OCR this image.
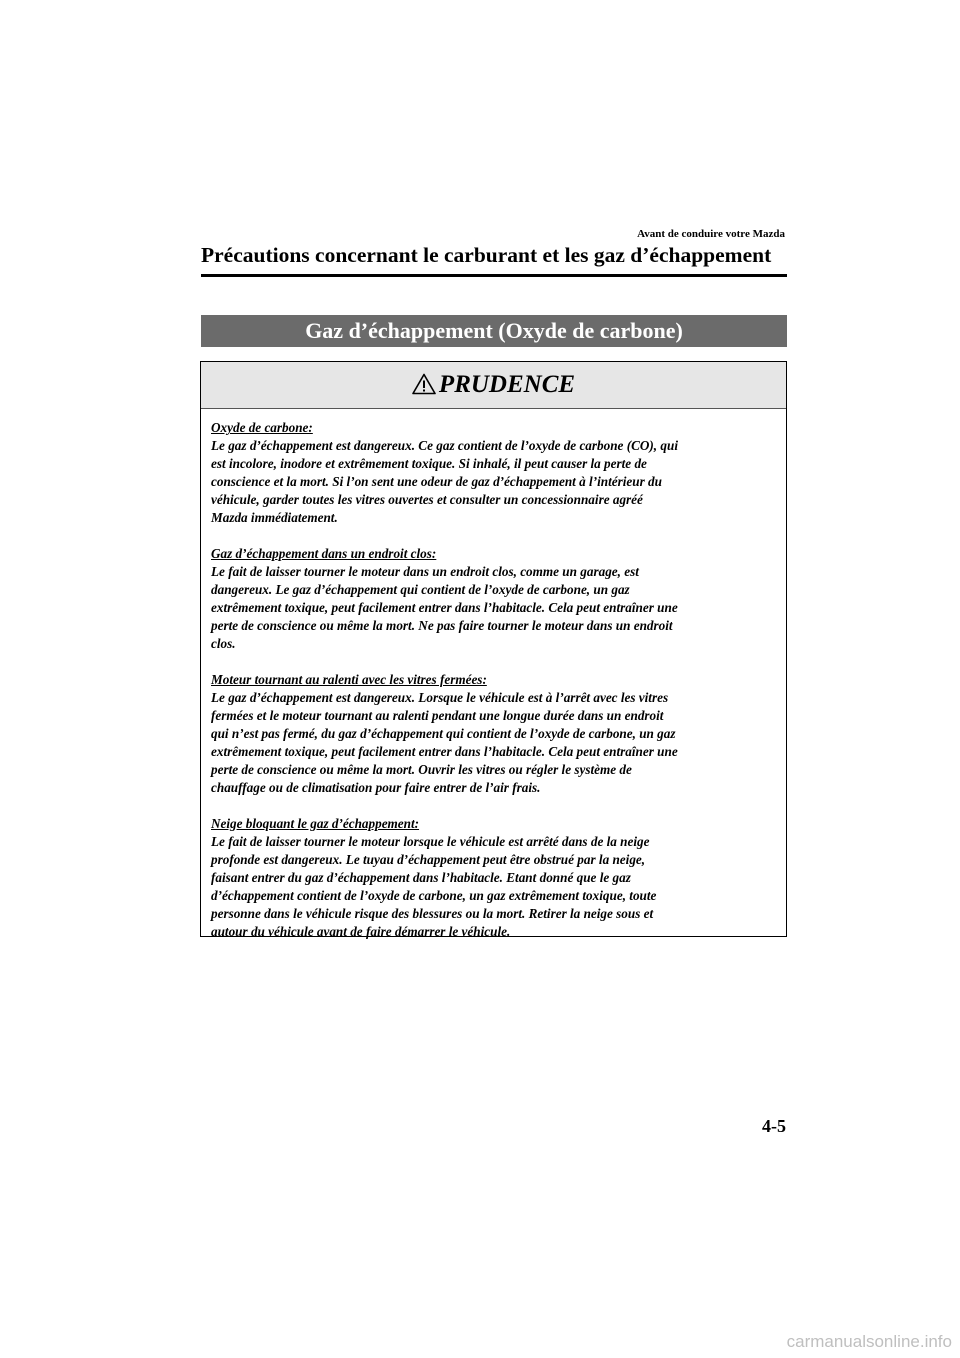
Avant de conduire votre Mazda
Précautions concernant le carburant et les gaz d’échappement
Gaz d’échappement (Oxyde de carbone)
PRUDENCE
Oxyde de carbone:
Le gaz d’échappement est dangereux. Ce gaz contient de l’oxyde de carbone (CO), qui
est incolore, inodore et extrêmement toxique. Si inhalé, il peut causer la perte de
conscience et la mort. Si l’on sent une odeur de gaz d’échappement à l’intérieur du
véhicule, garder toutes les vitres ouvertes et consulter un concessionnaire agréé
Mazda immédiatement.
Gaz d’échappement dans un endroit clos:
Le fait de laisser tourner le moteur dans un endroit clos, comme un garage, est
dangereux. Le gaz d’échappement qui contient de l’oxyde de carbone, un gaz
extrêmement toxique, peut facilement entrer dans l’habitacle. Cela peut entraîner une
perte de conscience ou même la mort. Ne pas faire tourner le moteur dans un endroit
clos.
Moteur tournant au ralenti avec les vitres fermées:
Le gaz d’échappement est dangereux. Lorsque le véhicule est à l’arrêt avec les vitres
fermées et le moteur tournant au ralenti pendant une longue durée dans un endroit
qui n’est pas fermé, du gaz d’échappement qui contient de l’oxyde de carbone, un gaz
extrêmement toxique, peut facilement entrer dans l’habitacle. Cela peut entraîner une
perte de conscience ou même la mort. Ouvrir les vitres ou régler le système de
chauffage ou de climatisation pour faire entrer de l’air frais.
Neige bloquant le gaz d’échappement:
Le fait de laisser tourner le moteur lorsque le véhicule est arrêté dans de la neige
profonde est dangereux. Le tuyau d’échappement peut être obstrué par la neige,
faisant entrer du gaz d’échappement dans l’habitacle. Etant donné que le gaz
d’échappement contient de l’oxyde de carbone, un gaz extrêmement toxique, toute
personne dans le véhicule risque des blessures ou la mort. Retirer la neige sous et
autour du véhicule avant de faire démarrer le véhicule.
4-5
carmanualsonline.info
